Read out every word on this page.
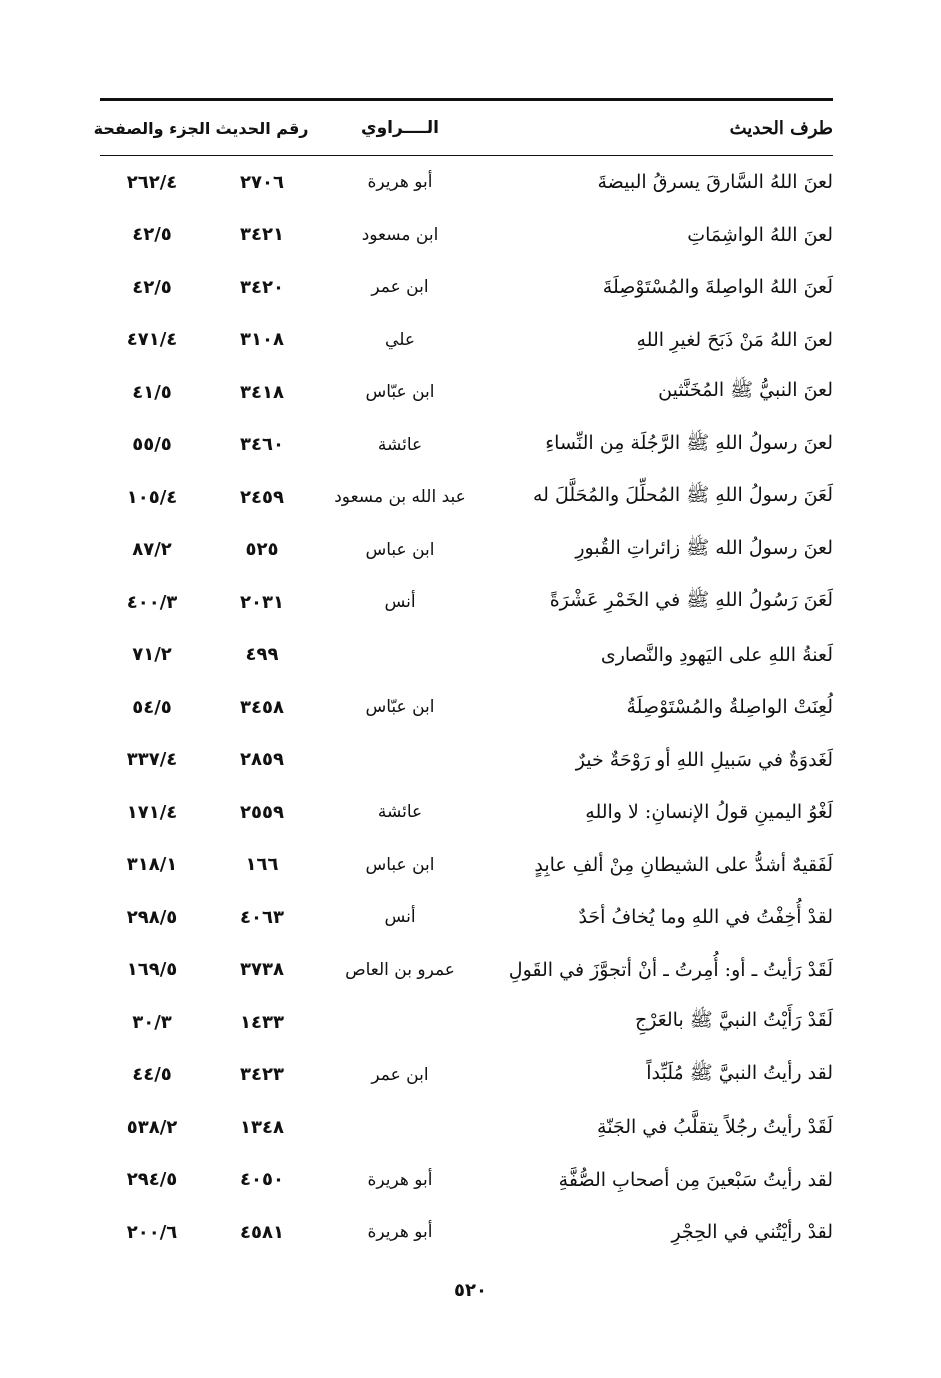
طرف الحديث
الــــراوي
رقم الحديث
الجزء والصفحة
لعنَ اللهُ السَّارقَ يسرقُ البيضةَ
أبو هريرة
٢٧٠٦
٢٦٢/٤
لعنَ اللهُ الواشِمَاتِ
ابن مسعود
٣٤٢١
٤٢/٥
لَعنَ اللهُ الواصِلةَ والمُسْتَوْصِلَةَ
ابن عمر
٣٤٢٠
٤٢/٥
لعنَ اللهُ مَنْ ذَبَحَ لغيرِ اللهِ
علي
٣١٠٨
٤٧١/٤
لعنَ النبيُّ ﷺ المُخَنَّثين
ابن عبّاس
٣٤١٨
٤١/٥
لعنَ رسولُ اللهِ ﷺ الرَّجُلَة مِن النِّساءِ
عائشة
٣٤٦٠
٥٥/٥
لَعَنَ رسولُ اللهِ ﷺ المُحلِّلَ والمُحَلَّلَ له
عبد الله بن مسعود
٢٤٥٩
١٠٥/٤
لعنَ رسولُ الله ﷺ زائراتِ القُبورِ
ابن عباس
٥٢٥
٨٧/٢
لَعَنَ رَسُولُ اللهِ ﷺ في الخَمْرِ عَشْرَةً
أنس
٢٠٣١
٤٠٠/٣
لَعنةُ اللهِ على اليَهودِ والنَّصارى
٤٩٩
٧١/٢
لُعِنَتْ الواصِلةُ والمُسْتَوْصِلَةُ
ابن عبّاس
٣٤٥٨
٥٤/٥
لَغَدوَةٌ في سَبيلِ اللهِ أو رَوْحَةٌ خيرٌ
٢٨٥٩
٣٣٧/٤
لَغْوُ اليمينِ قولُ الإنسانِ: لا واللهِ
عائشة
٢٥٥٩
١٧١/٤
لَفَقيهٌ أشدُّ على الشيطانِ مِنْ ألفِ عابِدٍ
ابن عباس
١٦٦
٣١٨/١
لقدْ أُخِفْتُ في اللهِ وما يُخافُ أحَدٌ
أنس
٤٠٦٣
٢٩٨/٥
لَقَدْ رَأيتُ ـ أو: أُمِرتُ ـ أنْ أتجوَّزَ في القَولِ
عمرو بن العاص
٣٧٣٨
١٦٩/٥
لَقَدْ رَأَيْتُ النبيَّ ﷺ بالعَرْجِ
١٤٣٣
٣٠/٣
لقد رأيتُ النبيَّ ﷺ مُلَبِّداً
ابن عمر
٣٤٢٣
٤٤/٥
لَقَدْ رأيتُ رجُلاً يتقلَّبُ في الجَنّةِ
١٣٤٨
٥٣٨/٢
لقد رأيتُ سَبْعينَ مِن أصحابِ الصُّفَّةِ
أبو هريرة
٤٠٥٠
٢٩٤/٥
لقدْ رأيْتُني في الحِجْرِ
أبو هريرة
٤٥٨١
٢٠٠/٦
٥٢٠
